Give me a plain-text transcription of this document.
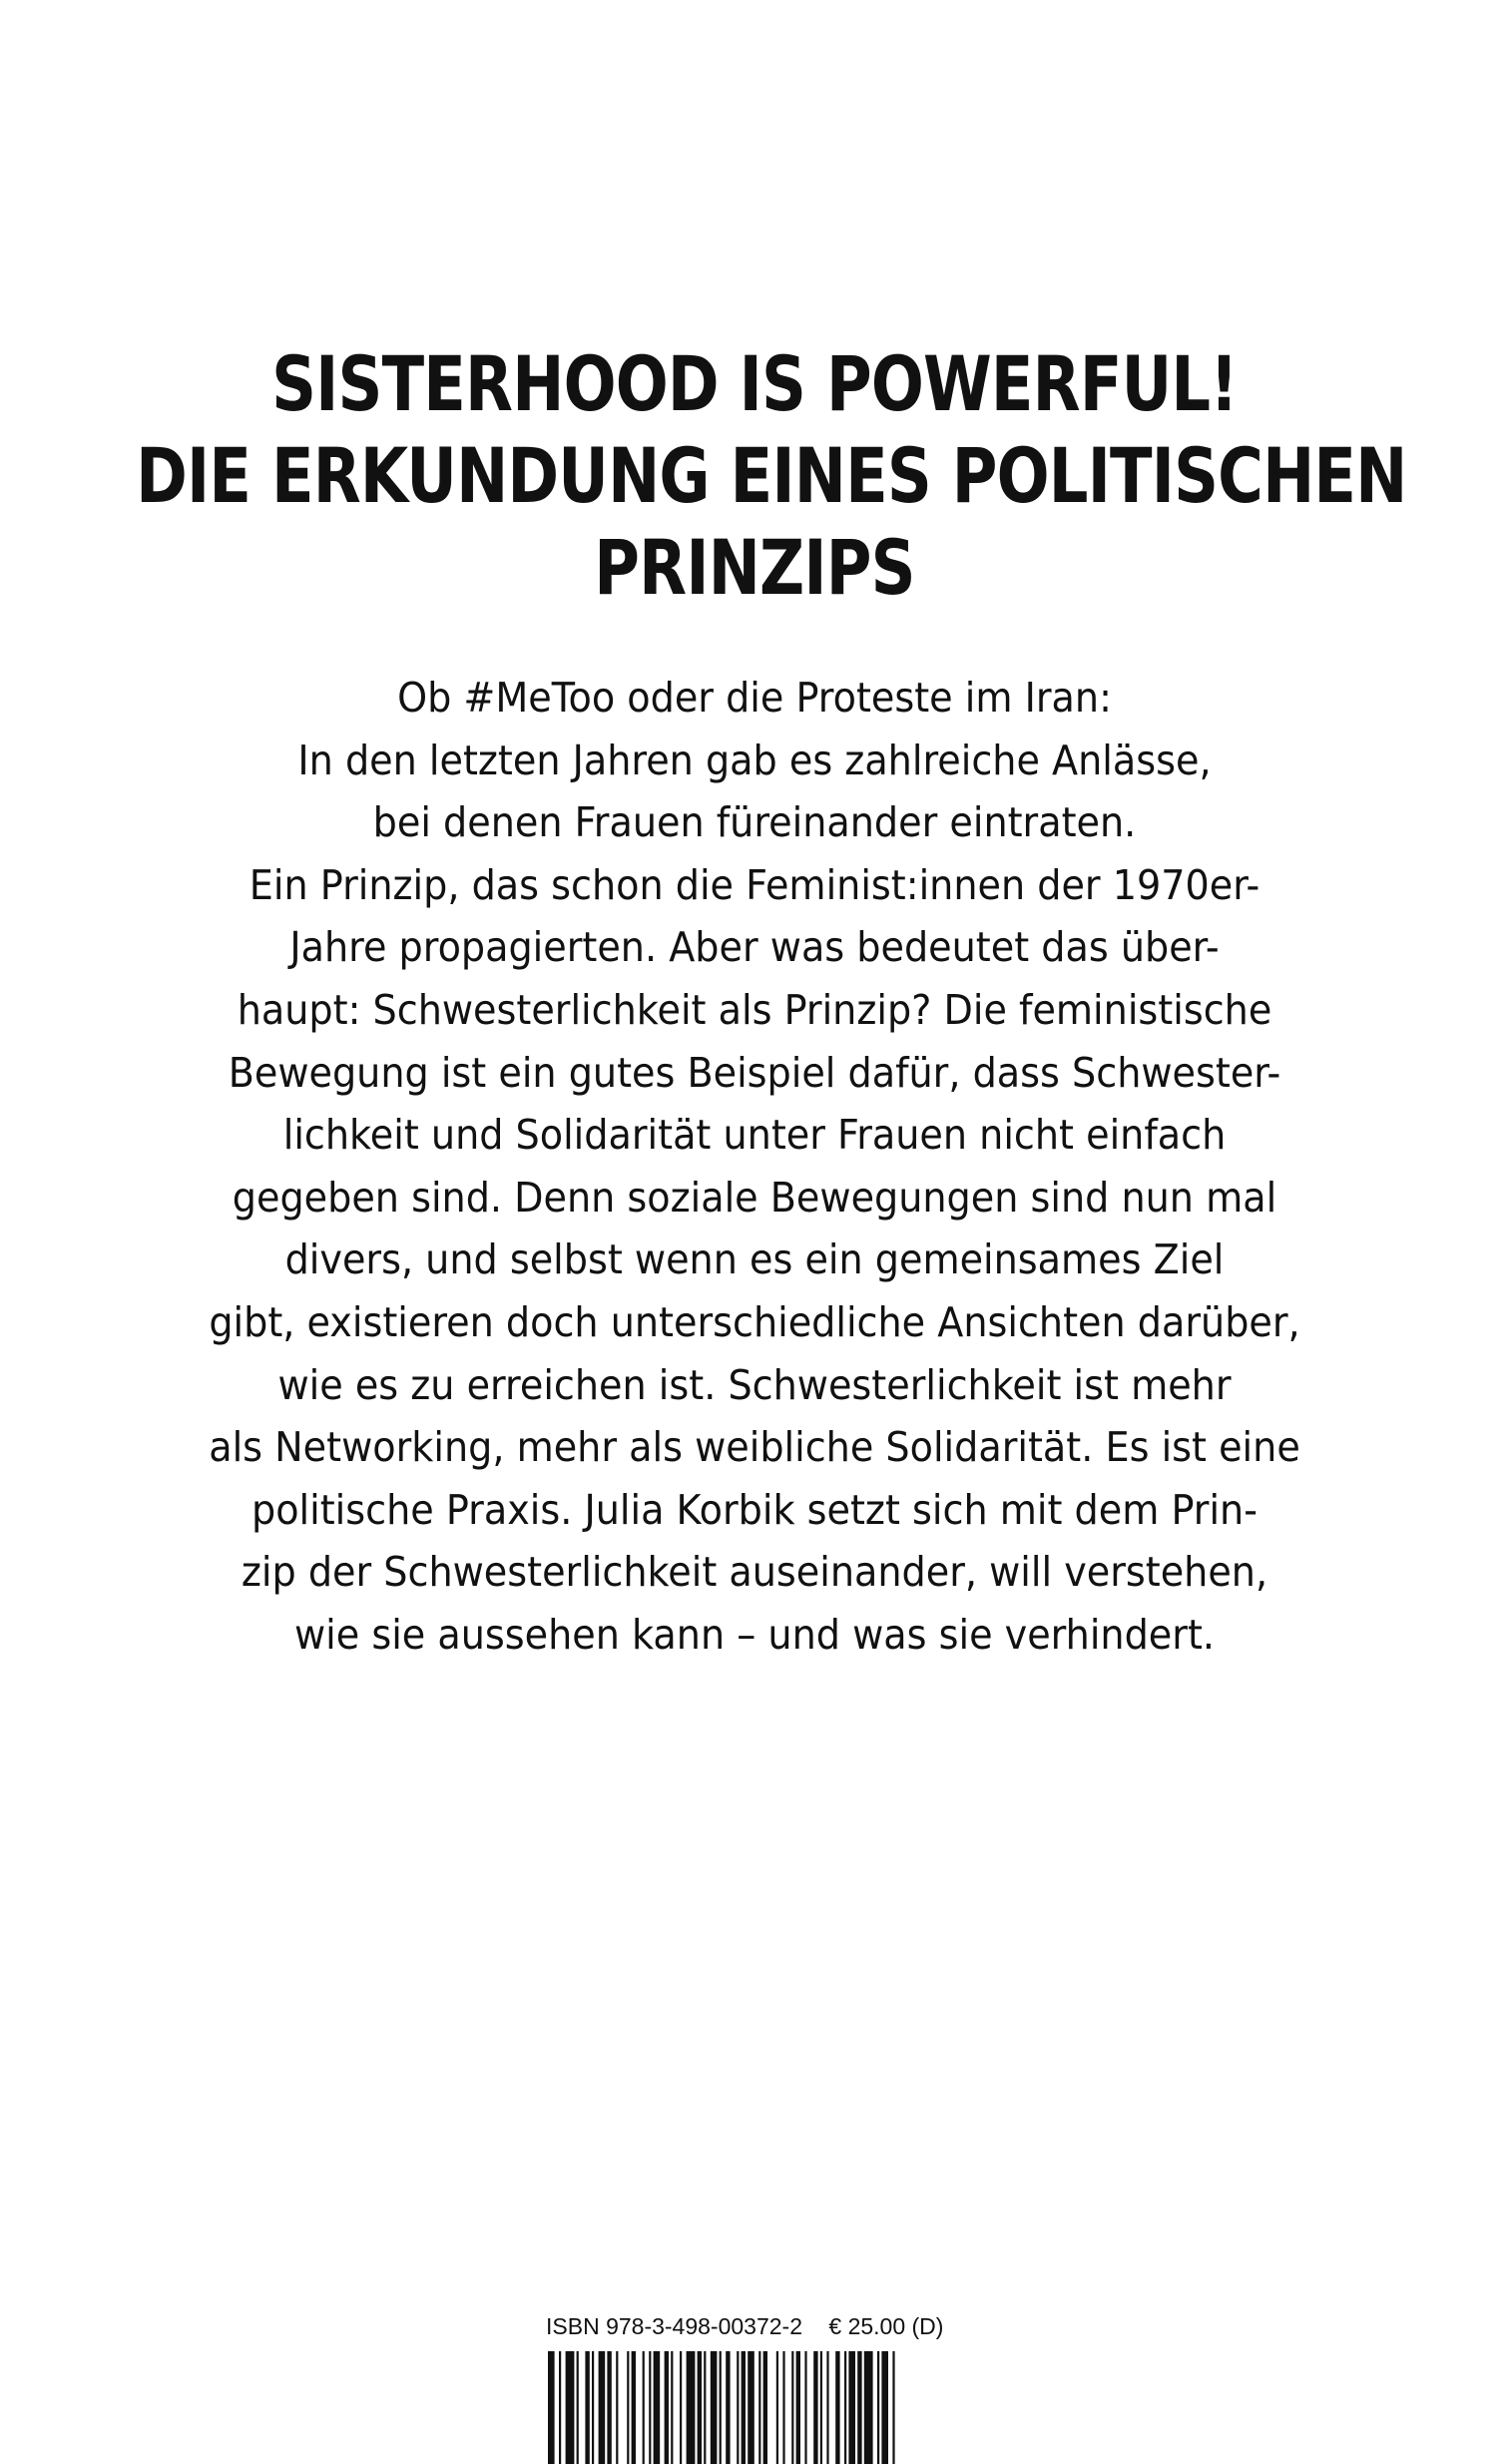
SISTERHOOD IS POWERFUL!
DIE ERKUNDUNG EINES POLITISCHEN
PRINZIPS
Ob #MeToo oder die Proteste im Iran:
In den letzten Jahren gab es zahlreiche Anlässe,
bei denen Frauen füreinander eintraten.
Ein Prinzip, das schon die Feminist:innen der 1970er-
Jahre propagierten. Aber was bedeutet das über-
haupt: Schwesterlichkeit als Prinzip? Die feministische
Bewegung ist ein gutes Beispiel dafür, dass Schwester-
lichkeit und Solidarität unter Frauen nicht einfach
gegeben sind. Denn soziale Bewegungen sind nun mal
divers, und selbst wenn es ein gemeinsames Ziel
gibt, existieren doch unterschiedliche Ansichten darüber,
wie es zu erreichen ist. Schwesterlichkeit ist mehr
als Networking, mehr als weibliche Solidarität. Es ist eine
politische Praxis. Julia Korbik setzt sich mit dem Prin-
zip der Schwesterlichkeit auseinander, will verstehen,
wie sie aussehen kann – und was sie verhindert.
ISBN 978-3-498-00372-2 € 25.00 (D)
